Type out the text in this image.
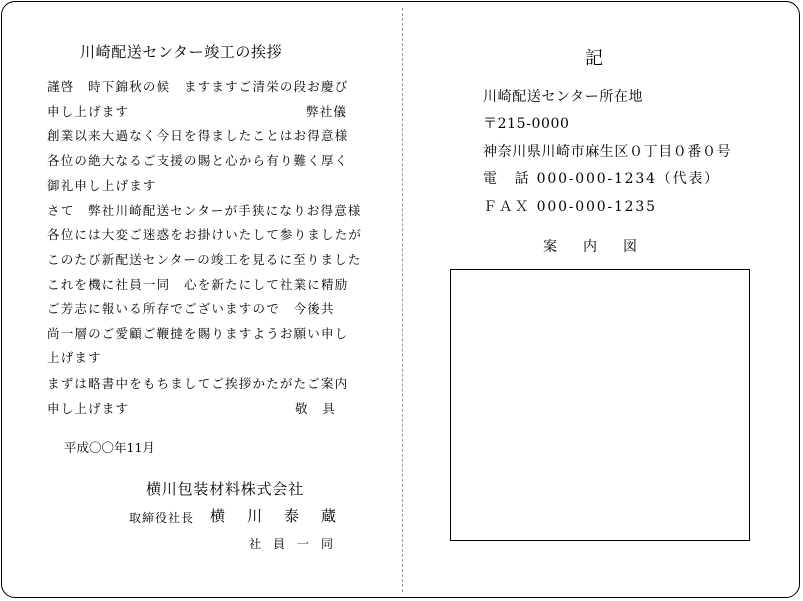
川崎配送センター竣工の挨拶
謹啓　時下錦秋の候　ますますご清栄の段お慶び
申し上げます	弊社儀
創業以来大過なく今日を得ましたことはお得意様
各位の絶大なるご支援の賜と心から有り難く厚く
御礼申し上げます
さて　弊社川崎配送センターが手狭になりお得意様
各位には大変ご迷惑をお掛けいたして参りましたが
このたび新配送センターの竣工を見るに至りました
これを機に社員一同　心を新たにして社業に精励
ご芳志に報いる所存でございますので　今後共
尚一層のご愛顧ご鞭撻を賜りますようお願い申し
上げます
まずは略書中をもちましてご挨拶かたがたご案内
申し上げます	敬　具
平成〇〇年11月
横川包装材料株式会社
取締役社長 横川泰蔵
社員一同
記
川崎配送センター所在地
〒215-0000
神奈川県川崎市麻生区０丁目０番０号
電　話 000-000-1234（代表）
ＦＡＸ 000-000-1235
案内図
